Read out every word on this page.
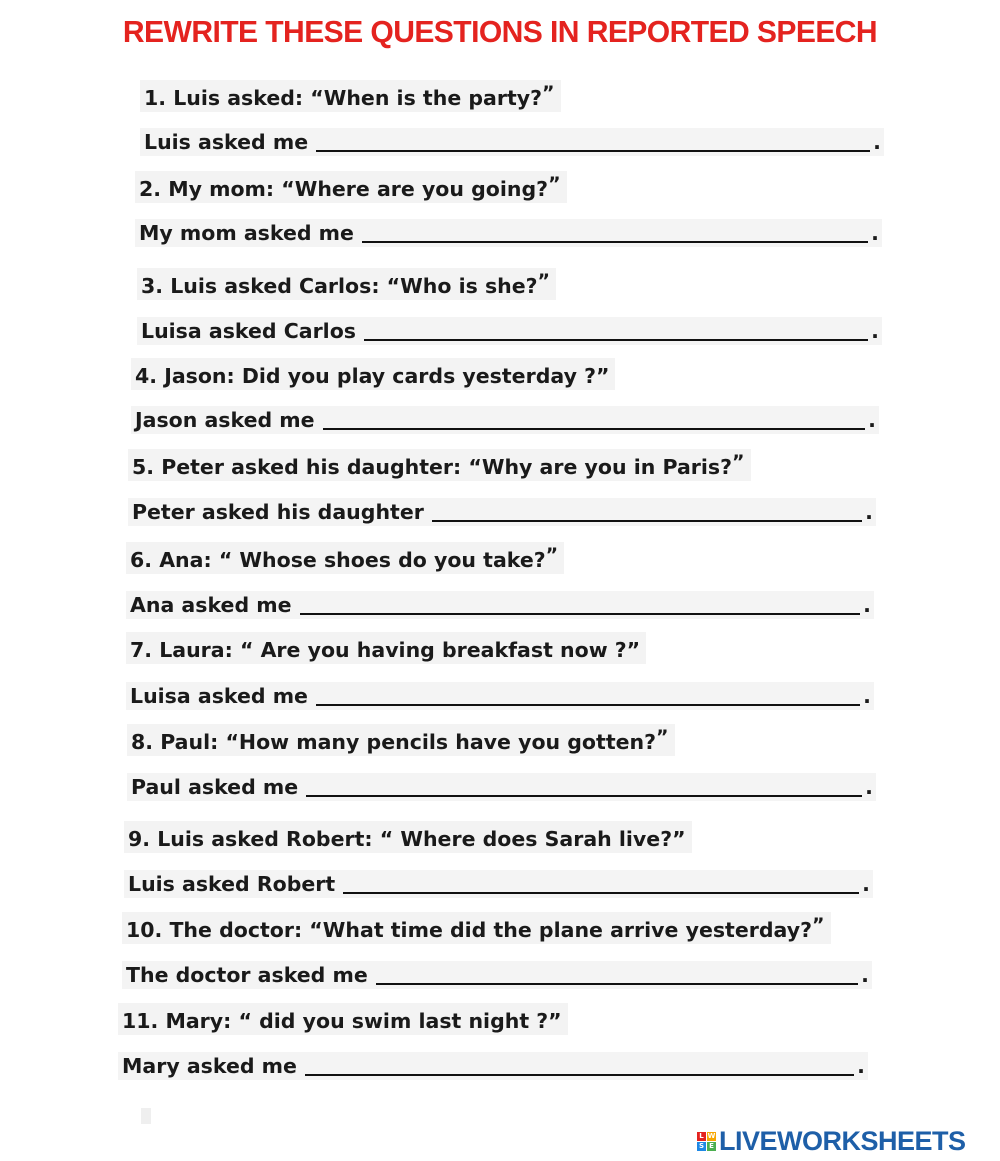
REWRITE THESE QUESTIONS IN REPORTED SPEECH
1. Luis asked: “When is the party?”
Luis asked me	.
2. My mom: “Where are you going?”
My mom asked me	.
3. Luis asked Carlos: “Who is she?”
Luisa asked Carlos	.
4. Jason: Did you play cards yesterday ?”
Jason asked me	.
5. Peter asked his daughter: “Why are you in Paris?”
Peter asked his daughter	.
6. Ana: “ Whose shoes do you take?”
Ana asked me	.
7. Laura: “ Are you having breakfast now ?”
Luisa asked me	.
8. Paul: “How many pencils have you gotten?”
Paul asked me	.
9. Luis asked Robert: “ Where does Sarah live?”
Luis asked Robert	.
10. The doctor: “What time did the plane arrive yesterday?”
The doctor asked me	.
11. Mary: “ did you swim last night ?”
Mary asked me	.
L W
S E LIVEWORKSHEETS
